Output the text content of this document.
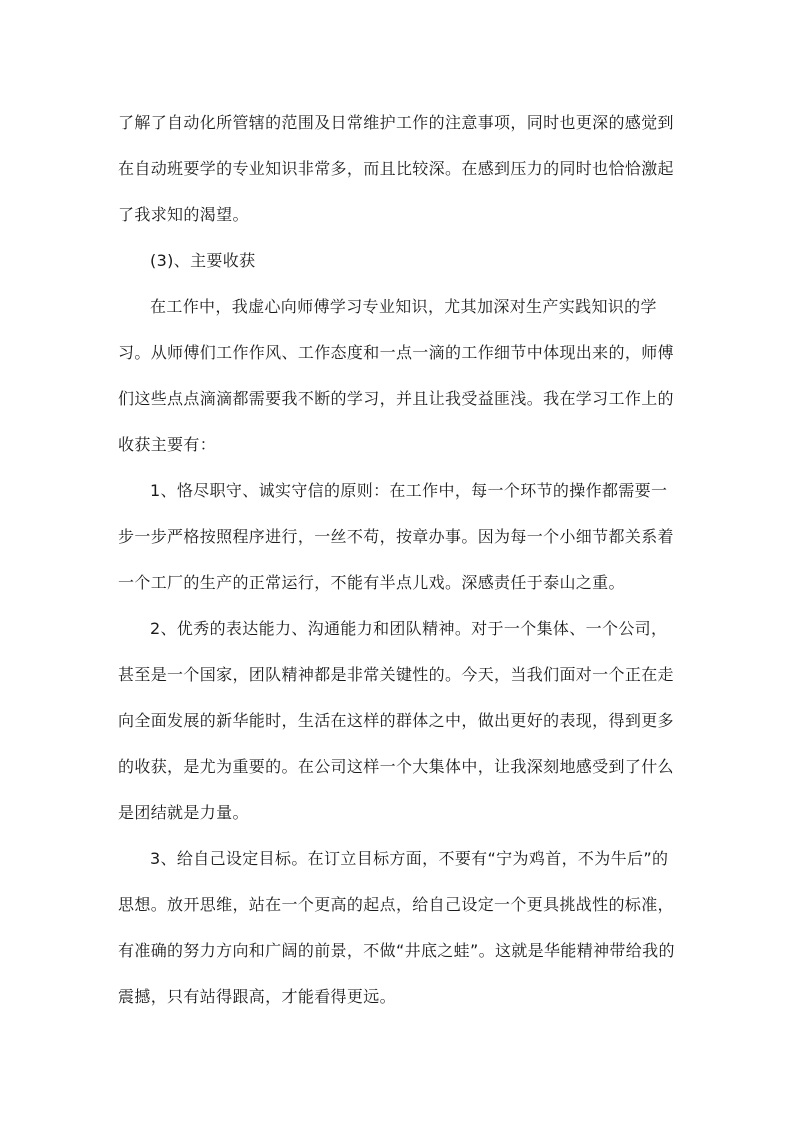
了解了自动化所管辖的范围及日常维护工作的注意事项，同时也更深的感觉到在自动班要学的专业知识非常多，而且比较深。在感到压力的同时也恰恰激起了我求知的渴望。

(3)、主要收获

在工作中，我虚心向师傅学习专业知识，尤其加深对生产实践知识的学习。从师傅们工作作风、工作态度和一点一滴的工作细节中体现出来的，师傅们这些点点滴滴都需要我不断的学习，并且让我受益匪浅。我在学习工作上的收获主要有：

1、恪尽职守、诚实守信的原则：在工作中，每一个环节的操作都需要一步一步严格按照程序进行，一丝不苟，按章办事。因为每一个小细节都关系着一个工厂的生产的正常运行，不能有半点儿戏。深感责任于泰山之重。

2、优秀的表达能力、沟通能力和团队精神。对于一个集体、一个公司，甚至是一个国家，团队精神都是非常关键性的。今天，当我们面对一个正在走向全面发展的新华能时，生活在这样的群体之中，做出更好的表现，得到更多的收获，是尤为重要的。在公司这样一个大集体中，让我深刻地感受到了什么是团结就是力量。

3、给自己设定目标。在订立目标方面，不要有“宁为鸡首，不为牛后”的思想。放开思维，站在一个更高的起点，给自己设定一个更具挑战性的标准，有准确的努力方向和广阔的前景，不做“井底之蛙”。这就是华能精神带给我的震撼，只有站得跟高，才能看得更远。
